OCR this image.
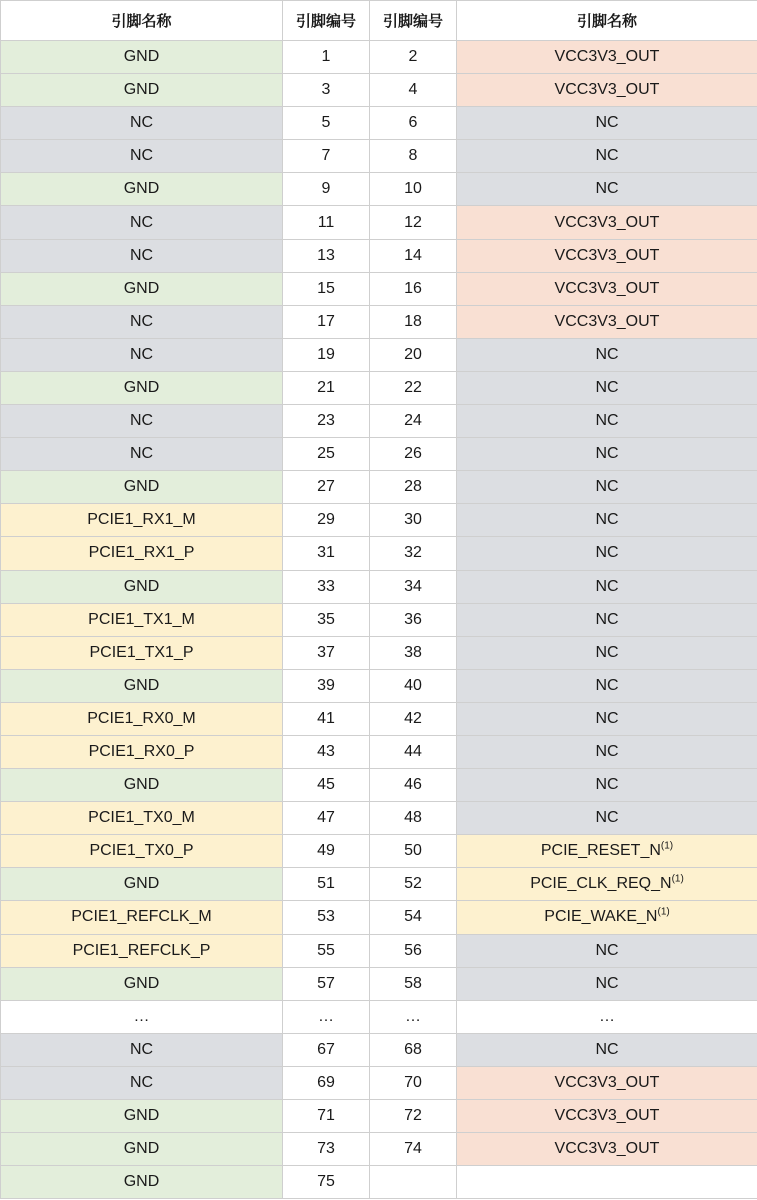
引脚名称	引脚编号	引脚编号	引脚名称
GND	1	2	VCC3V3_OUT
GND	3	4	VCC3V3_OUT
NC	5	6	NC
NC	7	8	NC
GND	9	10	NC
NC	11	12	VCC3V3_OUT
NC	13	14	VCC3V3_OUT
GND	15	16	VCC3V3_OUT
NC	17	18	VCC3V3_OUT
NC	19	20	NC
GND	21	22	NC
NC	23	24	NC
NC	25	26	NC
GND	27	28	NC
PCIE1_RX1_M	29	30	NC
PCIE1_RX1_P	31	32	NC
GND	33	34	NC
PCIE1_TX1_M	35	36	NC
PCIE1_TX1_P	37	38	NC
GND	39	40	NC
PCIE1_RX0_M	41	42	NC
PCIE1_RX0_P	43	44	NC
GND	45	46	NC
PCIE1_TX0_M	47	48	NC
PCIE1_TX0_P	49	50	PCIE_RESET_N$^{(1)}$
GND	51	52	PCIE_CLK_REQ_N$^{(1)}$
PCIE1_REFCLK_M	53	54	PCIE_WAKE_N$^{(1)}$
PCIE1_REFCLK_P	55	56	NC
GND	57	58	NC
…	…	…	…
NC	67	68	NC
NC	69	70	VCC3V3_OUT
GND	71	72	VCC3V3_OUT
GND	73	74	VCC3V3_OUT
GND	75		
